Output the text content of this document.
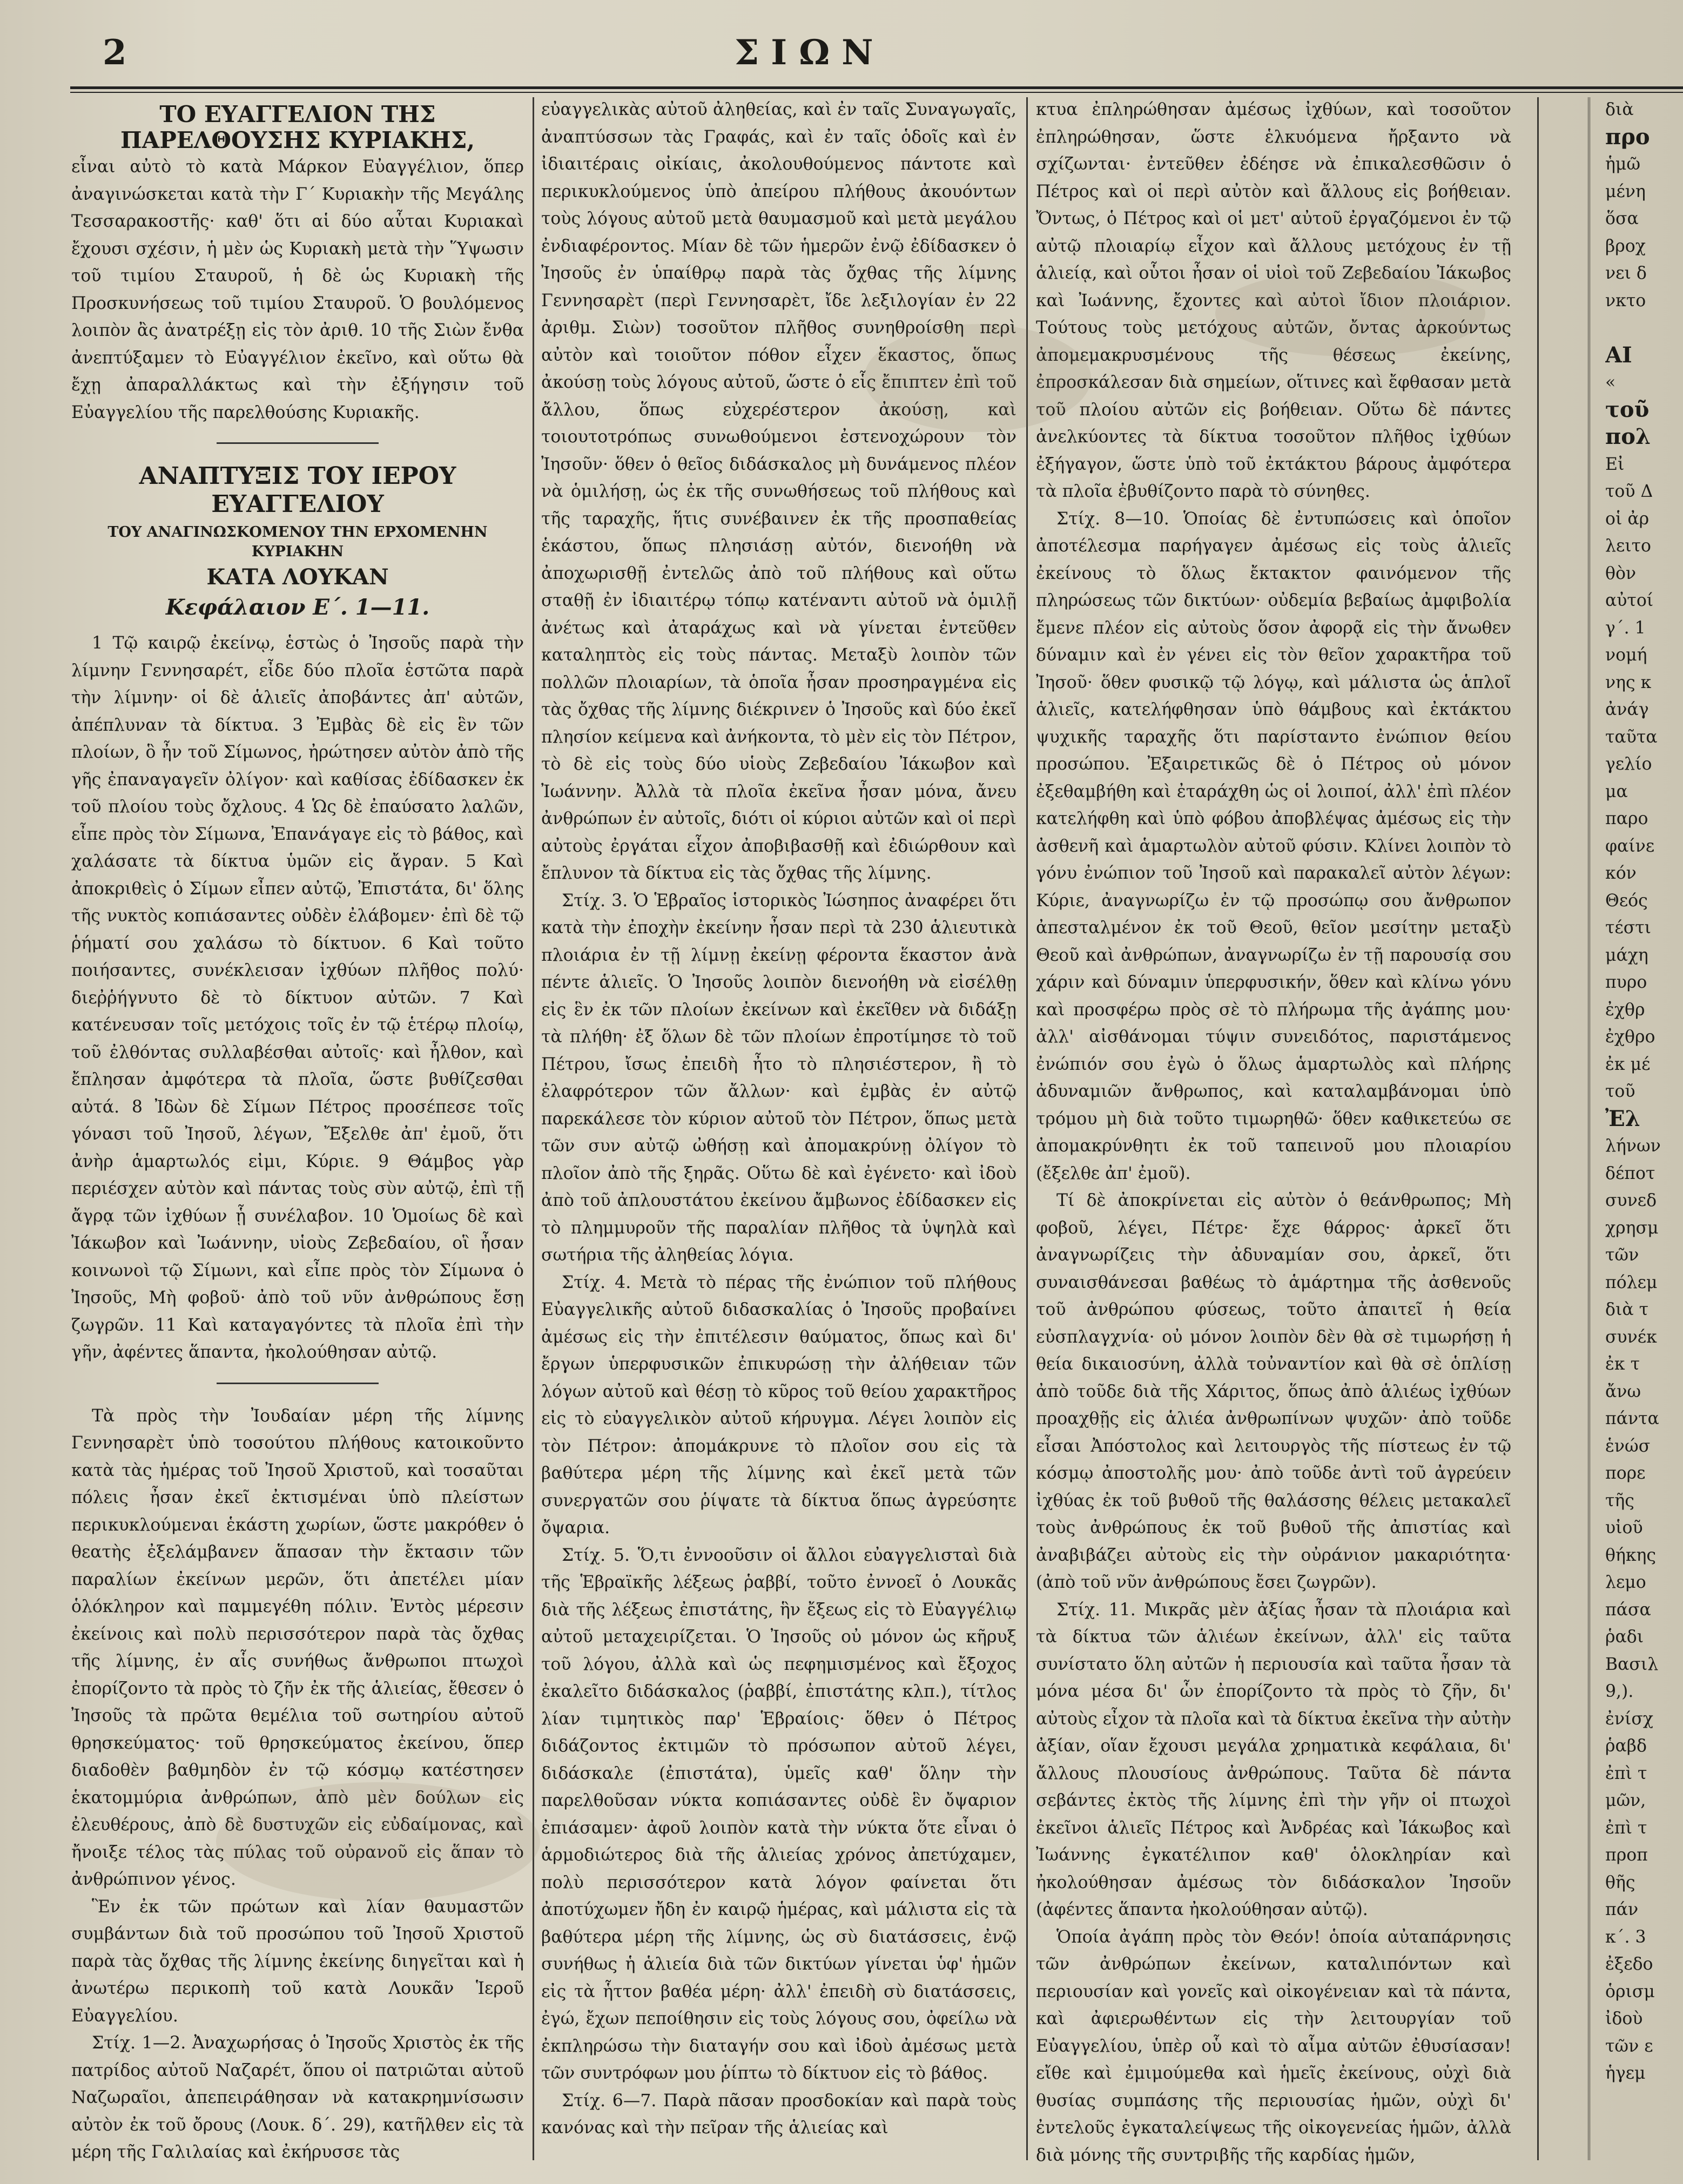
2	ΣΙΩΝ
ΤΟ ΕΥΑΓΓΕΛΙΟΝ ΤΗΣ ΠΑΡΕΛΘΟΥΣΗΣ ΚΥΡΙΑΚΗΣ,

εἶναι αὐτὸ τὸ κατὰ Μάρκον Εὐαγγέλιον, ὅπερ ἀναγινώσκεται κατὰ τὴν Γ΄ Κυριακὴν τῆς Μεγάλης Τεσσαρακοστῆς· καθ' ὅτι αἱ δύο αὗται Κυριακαὶ ἔχουσι σχέσιν, ἡ μὲν ὡς Κυριακὴ μετὰ τὴν Ὕψωσιν τοῦ τιμίου Σταυροῦ, ἡ δὲ ὡς Κυριακὴ τῆς Προσκυνήσεως τοῦ τιμίου Σταυροῦ. Ὁ βουλόμενος λοιπὸν ἂς ἀνατρέξῃ εἰς τὸν ἀριθ. 10 τῆς Σιὼν ἔνθα ἀνεπτύξαμεν τὸ Εὐαγγέλιον ἐκεῖνο, καὶ οὕτω θὰ ἔχῃ ἀπαραλλάκτως καὶ τὴν ἐξήγησιν τοῦ Εὐαγγελίου τῆς παρελθούσης Κυριακῆς.

ΑΝΑΠΤΥΞΙΣ ΤΟΥ ΙΕΡΟΥ ΕΥΑΓΓΕΛΙΟΥ
ΤΟΥ ΑΝΑΓΙΝΩΣΚΟΜΕΝΟΥ ΤΗΝ ΕΡΧΟΜΕΝΗΝ ΚΥΡΙΑΚΗΝ
ΚΑΤΑ ΛΟΥΚΑΝ
Κεφάλαιον Ε΄. 1—11.

1 Τῷ καιρῷ ἐκείνῳ, ἑστὼς ὁ Ἰησοῦς παρὰ τὴν λίμνην Γεννησαρέτ, εἶδε δύο πλοῖα ἑστῶτα παρὰ τὴν λίμνην· οἱ δὲ ἁλιεῖς ἀποβάντες ἀπ' αὐτῶν, ἀπέπλυναν τὰ δίκτυα. 3 Ἐμβὰς δὲ εἰς ἓν τῶν πλοίων, ὃ ἦν τοῦ Σίμωνος, ἠρώτησεν αὐτὸν ἀπὸ τῆς γῆς ἐπαναγαγεῖν ὀλίγον· καὶ καθίσας ἐδίδασκεν ἐκ τοῦ πλοίου τοὺς ὄχλους. 4 Ὡς δὲ ἐπαύσατο λαλῶν, εἶπε πρὸς τὸν Σίμωνα, Ἐπανάγαγε εἰς τὸ βάθος, καὶ χαλάσατε τὰ δίκτυα ὑμῶν εἰς ἄγραν. 5 Καὶ ἀποκριθεὶς ὁ Σίμων εἶπεν αὐτῷ, Ἐπιστάτα, δι' ὅλης τῆς νυκτὸς κοπιάσαντες οὐδὲν ἐλάβομεν· ἐπὶ δὲ τῷ ῥήματί σου χαλάσω τὸ δίκτυον. 6 Καὶ τοῦτο ποιήσαντες, συνέκλεισαν ἰχθύων πλῆθος πολύ· διεῤῥήγνυτο δὲ τὸ δίκτυον αὐτῶν. 7 Καὶ κατένευσαν τοῖς μετόχοις τοῖς ἐν τῷ ἑτέρῳ πλοίῳ, τοῦ ἐλθόντας συλλαβέσθαι αὐτοῖς· καὶ ἦλθον, καὶ ἔπλησαν ἀμφότερα τὰ πλοῖα, ὥστε βυθίζεσθαι αὐτά. 8 Ἰδὼν δὲ Σίμων Πέτρος προσέπεσε τοῖς γόνασι τοῦ Ἰησοῦ, λέγων, Ἔξελθε ἀπ' ἐμοῦ, ὅτι ἀνὴρ ἁμαρτωλός εἰμι, Κύριε. 9 Θάμβος γὰρ περιέσχεν αὐτὸν καὶ πάντας τοὺς σὺν αὐτῷ, ἐπὶ τῇ ἄγρᾳ τῶν ἰχθύων ᾗ συνέλαβον. 10 Ὁμοίως δὲ καὶ Ἰάκωβον καὶ Ἰωάννην, υἱοὺς Ζεβεδαίου, οἳ ἦσαν κοινωνοὶ τῷ Σίμωνι, καὶ εἶπε πρὸς τὸν Σίμωνα ὁ Ἰησοῦς, Μὴ φοβοῦ· ἀπὸ τοῦ νῦν ἀνθρώπους ἔσῃ ζωγρῶν. 11 Καὶ καταγαγόντες τὰ πλοῖα ἐπὶ τὴν γῆν, ἀφέντες ἅπαντα, ἠκολούθησαν αὐτῷ.

Τὰ πρὸς τὴν Ἰουδαίαν μέρη τῆς λίμνης Γεννησαρὲτ ὑπὸ τοσούτου πλήθους κατοικοῦντο κατὰ τὰς ἡμέρας τοῦ Ἰησοῦ Χριστοῦ, καὶ τοσαῦται πόλεις ἦσαν ἐκεῖ ἐκτισμέναι ὑπὸ πλείστων περικυκλούμεναι ἑκάστη χωρίων, ὥστε μακρόθεν ὁ θεατὴς ἐξελάμβανεν ἅπασαν τὴν ἔκτασιν τῶν παραλίων ἐκείνων μερῶν, ὅτι ἀπετέλει μίαν ὁλόκληρον καὶ παμμεγέθη πόλιν. Ἐντὸς μέρεσιν ἐκείνοις καὶ πολὺ περισσότερον παρὰ τὰς ὄχθας τῆς λίμνης, ἐν αἷς συνήθως ἄνθρωποι πτωχοὶ ἐπορίζοντο τὰ πρὸς τὸ ζῆν ἐκ τῆς ἁλιείας, ἔθεσεν ὁ Ἰησοῦς τὰ πρῶτα θεμέλια τοῦ σωτηρίου αὐτοῦ θρησκεύματος· τοῦ θρησκεύματος ἐκείνου, ὅπερ διαδοθὲν βαθμηδὸν ἐν τῷ κόσμῳ κατέστησεν ἑκατομμύρια ἀνθρώπων, ἀπὸ μὲν δούλων εἰς ἐλευθέρους, ἀπὸ δὲ δυστυχῶν εἰς εὐδαίμονας, καὶ ἤνοιξε τέλος τὰς πύλας τοῦ οὐρανοῦ εἰς ἅπαν τὸ ἀνθρώπινον γένος.

Ἓν ἐκ τῶν πρώτων καὶ λίαν θαυμαστῶν συμβάντων διὰ τοῦ προσώπου τοῦ Ἰησοῦ Χριστοῦ παρὰ τὰς ὄχθας τῆς λίμνης ἐκείνης διηγεῖται καὶ ἡ ἀνωτέρω περικοπὴ τοῦ κατὰ Λουκᾶν Ἱεροῦ Εὐαγγελίου.

Στίχ. 1—2. Ἀναχωρήσας ὁ Ἰησοῦς Χριστὸς ἐκ τῆς πατρίδος αὐτοῦ Ναζαρέτ, ὅπου οἱ πατριῶται αὐτοῦ Ναζωραῖοι, ἀπεπειράθησαν νὰ κατακρημνίσωσιν αὐτὸν ἐκ τοῦ ὄρους (Λουκ. δ΄. 29), κατῆλθεν εἰς τὰ μέρη τῆς Γαλιλαίας καὶ ἐκήρυσσε τὰς

εὐαγγελικὰς αὐτοῦ ἀληθείας, καὶ ἐν ταῖς Συναγωγαῖς, ἀναπτύσσων τὰς Γραφάς, καὶ ἐν ταῖς ὁδοῖς καὶ ἐν ἰδιαιτέραις οἰκίαις, ἀκολουθούμενος πάντοτε καὶ περικυκλούμενος ὑπὸ ἀπείρου πλήθους ἀκουόντων τοὺς λόγους αὐτοῦ μετὰ θαυμασμοῦ καὶ μετὰ μεγάλου ἐνδιαφέροντος. Μίαν δὲ τῶν ἡμερῶν ἐνῷ ἐδίδασκεν ὁ Ἰησοῦς ἐν ὑπαίθρῳ παρὰ τὰς ὄχθας τῆς λίμνης Γεννησαρὲτ (περὶ Γεννησαρὲτ, ἴδε λεξιλογίαν ἐν 22 ἀριθμ. Σιὼν) τοσοῦτον πλῆθος συνηθροίσθη περὶ αὐτὸν καὶ τοιοῦτον πόθον εἶχεν ἕκαστος, ὅπως ἀκούσῃ τοὺς λόγους αὐτοῦ, ὥστε ὁ εἷς ἔπιπτεν ἐπὶ τοῦ ἄλλου, ὅπως εὐχερέστερον ἀκούσῃ, καὶ τοιουτοτρόπως συνωθούμενοι ἐστενοχώρουν τὸν Ἰησοῦν· ὅθεν ὁ θεῖος διδάσκαλος μὴ δυνάμενος πλέον νὰ ὁμιλήσῃ, ὡς ἐκ τῆς συνωθήσεως τοῦ πλήθους καὶ τῆς ταραχῆς, ἥτις συνέβαινεν ἐκ τῆς προσπαθείας ἑκάστου, ὅπως πλησιάσῃ αὐτόν, διενοήθη νὰ ἀποχωρισθῇ ἐντελῶς ἀπὸ τοῦ πλήθους καὶ οὕτω σταθῇ ἐν ἰδιαιτέρῳ τόπῳ κατέναντι αὐτοῦ νὰ ὁμιλῇ ἀνέτως καὶ ἀταράχως καὶ νὰ γίνεται ἐντεῦθεν καταληπτὸς εἰς τοὺς πάντας. Μεταξὺ λοιπὸν τῶν πολλῶν πλοιαρίων, τὰ ὁποῖα ἦσαν προσηραγμένα εἰς τὰς ὄχθας τῆς λίμνης διέκρινεν ὁ Ἰησοῦς καὶ δύο ἐκεῖ πλησίον κείμενα καὶ ἀνήκοντα, τὸ μὲν εἰς τὸν Πέτρον, τὸ δὲ εἰς τοὺς δύο υἱοὺς Ζεβεδαίου Ἰάκωβον καὶ Ἰωάννην. Ἀλλὰ τὰ πλοῖα ἐκεῖνα ἦσαν μόνα, ἄνευ ἀνθρώπων ἐν αὐτοῖς, διότι οἱ κύριοι αὐτῶν καὶ οἱ περὶ αὐτοὺς ἐργάται εἶχον ἀποβιβασθῇ καὶ ἐδιώρθουν καὶ ἔπλυνον τὰ δίκτυα εἰς τὰς ὄχθας τῆς λίμνης.

Στίχ. 3. Ὁ Ἑβραῖος ἱστορικὸς Ἰώσηπος ἀναφέρει ὅτι κατὰ τὴν ἐποχὴν ἐκείνην ἦσαν περὶ τὰ 230 ἁλιευτικὰ πλοιάρια ἐν τῇ λίμνῃ ἐκείνῃ φέροντα ἕκαστον ἀνὰ πέντε ἁλιεῖς. Ὁ Ἰησοῦς λοιπὸν διενοήθη νὰ εἰσέλθῃ εἰς ἓν ἐκ τῶν πλοίων ἐκείνων καὶ ἐκεῖθεν νὰ διδάξῃ τὰ πλήθη· ἐξ ὅλων δὲ τῶν πλοίων ἐπροτίμησε τὸ τοῦ Πέτρου, ἴσως ἐπειδὴ ἦτο τὸ πλησιέστερον, ἢ τὸ ἐλαφρότερον τῶν ἄλλων· καὶ ἐμβὰς ἐν αὐτῷ παρεκάλεσε τὸν κύριον αὐτοῦ τὸν Πέτρον, ὅπως μετὰ τῶν συν αὐτῷ ὠθήσῃ καὶ ἀπομακρύνῃ ὀλίγον τὸ πλοῖον ἀπὸ τῆς ξηρᾶς. Οὕτω δὲ καὶ ἐγένετο· καὶ ἰδοὺ ἀπὸ τοῦ ἀπλουστάτου ἐκείνου ἄμβωνος ἐδίδασκεν εἰς τὸ πλημμυροῦν τῆς παραλίαν πλῆθος τὰ ὑψηλὰ καὶ σωτήρια τῆς ἀληθείας λόγια.

Στίχ. 4. Μετὰ τὸ πέρας τῆς ἐνώπιον τοῦ πλήθους Εὐαγγελικῆς αὐτοῦ διδασκαλίας ὁ Ἰησοῦς προβαίνει ἀμέσως εἰς τὴν ἐπιτέλεσιν θαύματος, ὅπως καὶ δι' ἔργων ὑπερφυσικῶν ἐπικυρώσῃ τὴν ἀλήθειαν τῶν λόγων αὐτοῦ καὶ θέσῃ τὸ κῦρος τοῦ θείου χαρακτῆρος εἰς τὸ εὐαγγελικὸν αὐτοῦ κήρυγμα. Λέγει λοιπὸν εἰς τὸν Πέτρον: ἀπομάκρυνε τὸ πλοῖον σου εἰς τὰ βαθύτερα μέρη τῆς λίμνης καὶ ἐκεῖ μετὰ τῶν συνεργατῶν σου ῥίψατε τὰ δίκτυα ὅπως ἀγρεύσητε ὄψαρια.

Στίχ. 5. Ὅ,τι ἐννοοῦσιν οἱ ἄλλοι εὐαγγελισταὶ διὰ τῆς Ἑβραϊκῆς λέξεως ῥαββί, τοῦτο ἐννοεῖ ὁ Λουκᾶς διὰ τῆς λέξεως ἐπιστάτης, ἣν ἔξεως εἰς τὸ Εὐαγγέλιῳ αὐτοῦ μεταχειρίζεται. Ὁ Ἰησοῦς οὐ μόνον ὡς κῆρυξ τοῦ λόγου, ἀλλὰ καὶ ὡς πεφημισμένος καὶ ἔξοχος ἐκαλεῖτο διδάσκαλος (ῥαββί, ἐπιστάτης κλπ.), τίτλος λίαν τιμητικὸς παρ' Ἑβραίοις· ὅθεν ὁ Πέτρος διδάζοντος ἐκτιμῶν τὸ πρόσωπον αὐτοῦ λέγει, διδάσκαλε (ἐπιστάτα), ὑμεῖς καθ' ὅλην τὴν παρελθοῦσαν νύκτα κοπιάσαντες οὐδὲ ἓν ὄψαριον ἐπιάσαμεν· ἀφοῦ λοιπὸν κατὰ τὴν νύκτα ὅτε εἶναι ὁ ἁρμοδιώτερος διὰ τῆς ἁλιείας χρόνος ἀπετύχαμεν, πολὺ περισσότερον κατὰ λόγον φαίνεται ὅτι ἀποτύχωμεν ἤδη ἐν καιρῷ ἡμέρας, καὶ μάλιστα εἰς τὰ βαθύτερα μέρη τῆς λίμνης, ὡς σὺ διατάσσεις, ἐνῷ συνήθως ἡ ἁλιεία διὰ τῶν δικτύων γίνεται ὑφ' ἡμῶν εἰς τὰ ἧττον βαθέα μέρη· ἀλλ' ἐπειδὴ σὺ διατάσσεις, ἐγώ, ἔχων πεποίθησιν εἰς τοὺς λόγους σου, ὀφείλω νὰ ἐκπληρώσω τὴν διαταγήν σου καὶ ἰδοὺ ἀμέσως μετὰ τῶν συντρόφων μου ῥίπτω τὸ δίκτυον εἰς τὸ βάθος.

Στίχ. 6—7. Παρὰ πᾶσαν προσδοκίαν καὶ παρὰ τοὺς κανόνας καὶ τὴν πεῖραν τῆς ἁλιείας καὶ

κτυα ἐπληρώθησαν ἀμέσως ἰχθύων, καὶ τοσοῦτον ἐπληρώθησαν, ὥστε ἑλκυόμενα ἤρξαντο νὰ σχίζωνται· ἐντεῦθεν ἐδέησε νὰ ἐπικαλεσθῶσιν ὁ Πέτρος καὶ οἱ περὶ αὐτὸν καὶ ἄλλους εἰς βοήθειαν. Ὄντως, ὁ Πέτρος καὶ οἱ μετ' αὐτοῦ ἐργαζόμενοι ἐν τῷ αὐτῷ πλοιαρίῳ εἶχον καὶ ἄλλους μετόχους ἐν τῇ ἁλιείᾳ, καὶ οὗτοι ἦσαν οἱ υἱοὶ τοῦ Ζεβεδαίου Ἰάκωβος καὶ Ἰωάννης, ἔχοντες καὶ αὐτοὶ ἴδιον πλοιάριον. Τούτους τοὺς μετόχους αὐτῶν, ὄντας ἀρκούντως ἀπομεμακρυσμένους τῆς θέσεως ἐκείνης, ἐπροσκάλεσαν διὰ σημείων, οἵτινες καὶ ἔφθασαν μετὰ τοῦ πλοίου αὐτῶν εἰς βοήθειαν. Οὕτω δὲ πάντες ἀνελκύοντες τὰ δίκτυα τοσοῦτον πλῆθος ἰχθύων ἐξήγαγον, ὥστε ὑπὸ τοῦ ἐκτάκτου βάρους ἀμφότερα τὰ πλοῖα ἐβυθίζοντο παρὰ τὸ σύνηθες.

Στίχ. 8—10. Ὁποίας δὲ ἐντυπώσεις καὶ ὁποῖον ἀποτέλεσμα παρήγαγεν ἀμέσως εἰς τοὺς ἁλιεῖς ἐκείνους τὸ ὅλως ἔκτακτον φαινόμενον τῆς πληρώσεως τῶν δικτύων· οὐδεμία βεβαίως ἀμφιβολία ἔμενε πλέον εἰς αὐτοὺς ὅσον ἀφορᾷ εἰς τὴν ἄνωθεν δύναμιν καὶ ἐν γένει εἰς τὸν θεῖον χαρακτῆρα τοῦ Ἰησοῦ· ὅθεν φυσικῷ τῷ λόγῳ, καὶ μάλιστα ὡς ἁπλοῖ ἁλιεῖς, κατελήφθησαν ὑπὸ θάμβους καὶ ἐκτάκτου ψυχικῆς ταραχῆς ὅτι παρίσταντο ἐνώπιον θείου προσώπου. Ἐξαιρετικῶς δὲ ὁ Πέτρος οὐ μόνον ἐξεθαμβήθη καὶ ἐταράχθη ὡς οἱ λοιποί, ἀλλ' ἐπὶ πλέον κατελήφθη καὶ ὑπὸ φόβου ἀποβλέψας ἀμέσως εἰς τὴν ἀσθενῆ καὶ ἁμαρτωλὸν αὐτοῦ φύσιν. Κλίνει λοιπὸν τὸ γόνυ ἐνώπιον τοῦ Ἰησοῦ καὶ παρακαλεῖ αὐτὸν λέγων: Κύριε, ἀναγνωρίζω ἐν τῷ προσώπῳ σου ἄνθρωπον ἀπεσταλμένον ἐκ τοῦ Θεοῦ, θεῖον μεσίτην μεταξὺ Θεοῦ καὶ ἀνθρώπων, ἀναγνωρίζω ἐν τῇ παρουσίᾳ σου χάριν καὶ δύναμιν ὑπερφυσικήν, ὅθεν καὶ κλίνω γόνυ καὶ προσφέρω πρὸς σὲ τὸ πλήρωμα τῆς ἀγάπης μου· ἀλλ' αἰσθάνομαι τύψιν συνειδότος, παριστάμενος ἐνώπιόν σου ἐγὼ ὁ ὅλως ἁμαρτωλὸς καὶ πλήρης ἀδυναμιῶν ἄνθρωπος, καὶ καταλαμβάνομαι ὑπὸ τρόμου μὴ διὰ τοῦτο τιμωρηθῶ· ὅθεν καθικετεύω σε ἀπομακρύνθητι ἐκ τοῦ ταπεινοῦ μου πλοιαρίου (ἔξελθε ἀπ' ἐμοῦ).

Τί δὲ ἀποκρίνεται εἰς αὐτὸν ὁ θεάνθρωπος; Μὴ φοβοῦ, λέγει, Πέτρε· ἔχε θάρρος· ἀρκεῖ ὅτι ἀναγνωρίζεις τὴν ἀδυναμίαν σου, ἀρκεῖ, ὅτι συναισθάνεσαι βαθέως τὸ ἁμάρτημα τῆς ἀσθενοῦς τοῦ ἀνθρώπου φύσεως, τοῦτο ἀπαιτεῖ ἡ θεία εὐσπλαγχνία· οὐ μόνον λοιπὸν δὲν θὰ σὲ τιμωρήσῃ ἡ θεία δικαιοσύνη, ἀλλὰ τοὐναντίον καὶ θὰ σὲ ὁπλίσῃ ἀπὸ τοῦδε διὰ τῆς Χάριτος, ὅπως ἀπὸ ἁλιέως ἰχθύων προαχθῇς εἰς ἁλιέα ἀνθρωπίνων ψυχῶν· ἀπὸ τοῦδε εἶσαι Ἀπόστολος καὶ λειτουργὸς τῆς πίστεως ἐν τῷ κόσμῳ ἀποστολῆς μου· ἀπὸ τοῦδε ἀντὶ τοῦ ἀγρεύειν ἰχθύας ἐκ τοῦ βυθοῦ τῆς θαλάσσης θέλεις μετακαλεῖ τοὺς ἀνθρώπους ἐκ τοῦ βυθοῦ τῆς ἀπιστίας καὶ ἀναβιβάζει αὐτοὺς εἰς τὴν οὐράνιον μακαριότητα· (ἀπὸ τοῦ νῦν ἀνθρώπους ἔσει ζωγρῶν).

Στίχ. 11. Μικρᾶς μὲν ἀξίας ἦσαν τὰ πλοιάρια καὶ τὰ δίκτυα τῶν ἁλιέων ἐκείνων, ἀλλ' εἰς ταῦτα συνίστατο ὅλη αὐτῶν ἡ περιουσία καὶ ταῦτα ἦσαν τὰ μόνα μέσα δι' ὧν ἐπορίζοντο τὰ πρὸς τὸ ζῆν, δι' αὐτοὺς εἶχον τὰ πλοῖα καὶ τὰ δίκτυα ἐκεῖνα τὴν αὐτὴν ἀξίαν, οἵαν ἔχουσι μεγάλα χρηματικὰ κεφάλαια, δι' ἄλλους πλουσίους ἀνθρώπους. Ταῦτα δὲ πάντα σεβάντες ἐκτὸς τῆς λίμνης ἐπὶ τὴν γῆν οἱ πτωχοὶ ἐκεῖνοι ἁλιεῖς Πέτρος καὶ Ἀνδρέας καὶ Ἰάκωβος καὶ Ἰωάννης ἐγκατέλιπον καθ' ὁλοκληρίαν καὶ ἠκολούθησαν ἀμέσως τὸν διδάσκαλον Ἰησοῦν (ἀφέντες ἅπαντα ἠκολούθησαν αὐτῷ).

Ὁποία ἀγάπη πρὸς τὸν Θεόν! ὁποία αὐταπάρνησις τῶν ἀνθρώπων ἐκείνων, καταλιπόντων καὶ περιουσίαν καὶ γονεῖς καὶ οἰκογένειαν καὶ τὰ πάντα, καὶ ἀφιερωθέντων εἰς τὴν λειτουργίαν τοῦ Εὐαγγελίου, ὑπὲρ οὗ καὶ τὸ αἷμα αὐτῶν ἐθυσίασαν! εἴθε καὶ ἐμιμούμεθα καὶ ἡμεῖς ἐκείνους, οὐχὶ διὰ θυσίας συμπάσης τῆς περιουσίας ἡμῶν, οὐχὶ δι' ἐντελοῦς ἐγκαταλείψεως τῆς οἰκογενείας ἡμῶν, ἀλλὰ διὰ μόνης τῆς συντριβῆς τῆς καρδίας ἡμῶν,

διὰ
προ
ἡμῶ
μένη
ὅσα
βροχ
νει δ
νκτο

ΑΙ
«
τοῦ
πολ
Εἰ
τοῦ Δ
οἱ ἀρ
λειτο
θὸν
αὐτοί
γ΄. 1
νομή
νης κ
ἀνάγ
ταῦτα
γελίο
μα
παρο
φαίνε
κόν
Θεός
τέστι
μάχη
πυρο
ἐχθρ
ἐχθρο
ἐκ μέ
τοῦ
Ἐλ
λήνων
δέποτ
συνεδ
χρησμ
τῶν
πόλεμ
διὰ τ
συνέκ
ἐκ τ
ἄνω
πάντα
ἑνώσ
πορε
τῆς
υἱοῦ
θήκης
λεμο
πάσα
ῥαδι
Βασιλ
9,).
ἐνίσχ
ῥαβδ
ἐπὶ τ
μῶν,
ἐπὶ τ
προπ
θῆς
πάν
κ΄. 3
ἐξεδο
ὁρισμ
ἰδοὺ
τῶν ε
ἡγεμ
